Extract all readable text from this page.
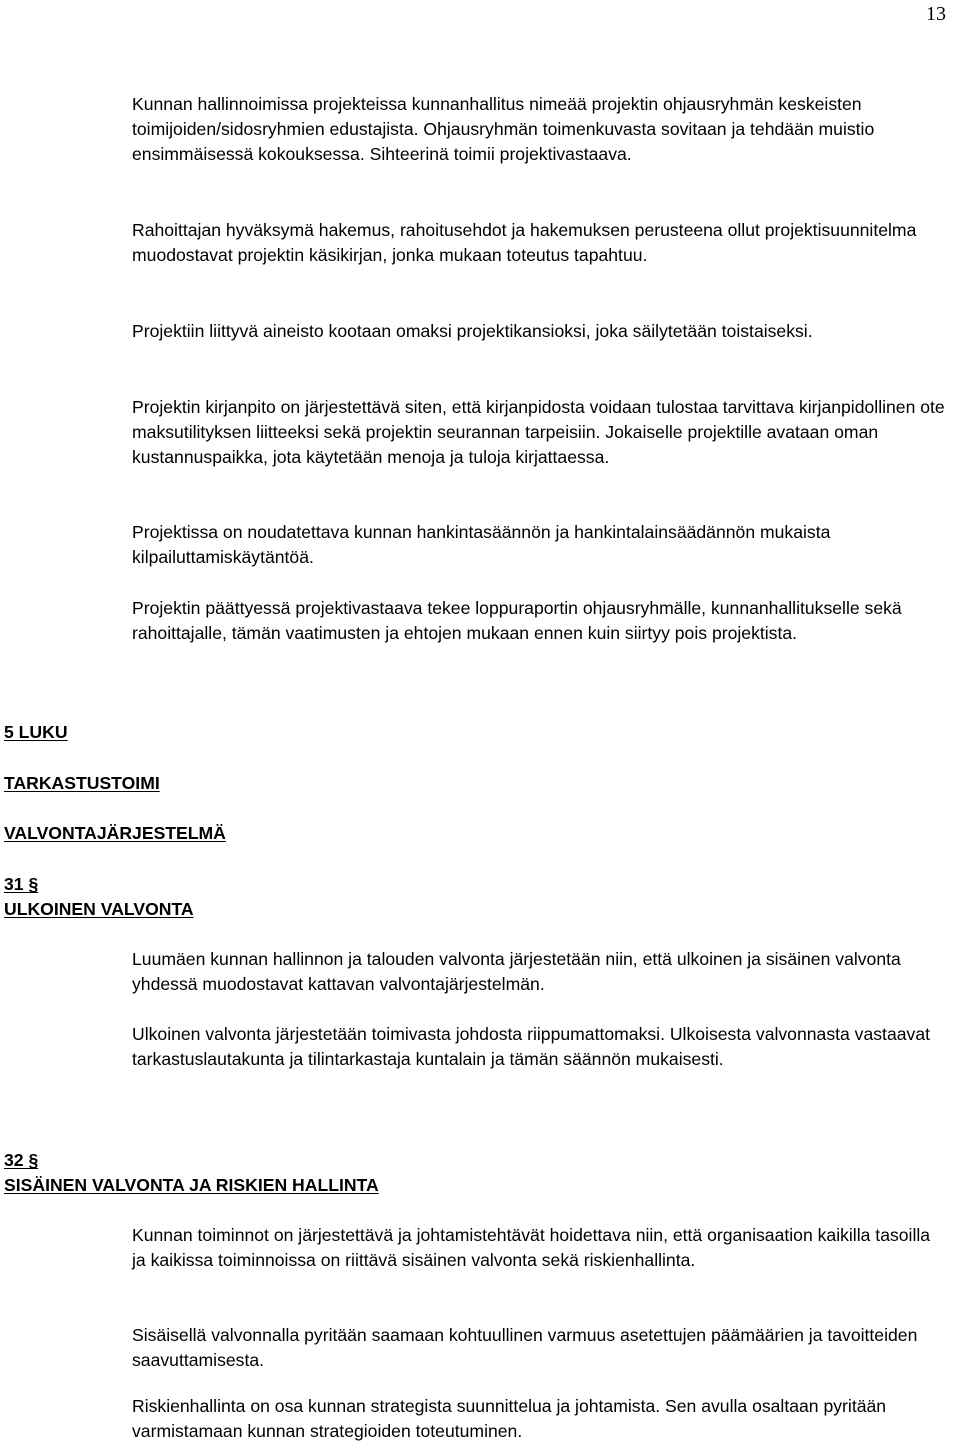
13

Kunnan hallinnoimissa projekteissa kunnanhallitus nimeää projektin ohjausryhmän keskeisten toimijoiden/sidosryhmien edustajista. Ohjausryhmän toimenkuvasta sovitaan ja tehdään muistio ensimmäisessä kokouksessa. Sihteerinä toimii projektivastaava.

Rahoittajan hyväksymä hakemus, rahoitusehdot ja hakemuksen perusteena ollut projektisuunnitelma muodostavat projektin käsikirjan, jonka mukaan toteutus tapahtuu.

Projektiin liittyvä aineisto kootaan omaksi projektikansioksi, joka säilytetään toistaiseksi.

Projektin kirjanpito on järjestettävä siten, että kirjanpidosta voidaan tulostaa tarvittava kirjanpidollinen ote maksutilityksen liitteeksi sekä projektin seurannan tarpeisiin. Jokaiselle projektille avataan oman kustannuspaikka, jota käytetään menoja ja tuloja kirjattaessa.

Projektissa on noudatettava kunnan hankintasäännön ja hankintalainsäädännön mukaista kilpailuttamiskäytäntöä.

Projektin päättyessä projektivastaava tekee loppuraportin ohjausryhmälle, kunnanhallitukselle sekä rahoittajalle, tämän vaatimusten ja ehtojen mukaan ennen kuin siirtyy pois projektista.

5 LUKU
TARKASTUSTOIMI
VALVONTAJÄRJESTELMÄ
31 §
ULKOINEN VALVONTA

Luumäen kunnan hallinnon ja talouden valvonta järjestetään niin, että ulkoinen ja sisäinen valvonta yhdessä muodostavat kattavan valvontajärjestelmän.

Ulkoinen valvonta järjestetään toimivasta johdosta riippumattomaksi. Ulkoisesta valvonnasta vastaavat tarkastuslautakunta ja tilintarkastaja kuntalain ja tämän säännön mukaisesti.

32 §
SISÄINEN VALVONTA JA RISKIEN HALLINTA

Kunnan toiminnot on järjestettävä ja johtamistehtävät hoidettava niin, että organisaation kaikilla tasoilla ja kaikissa toiminnoissa on riittävä sisäinen valvonta sekä riskienhallinta.

Sisäisellä valvonnalla pyritään saamaan kohtuullinen varmuus asetettujen päämäärien ja tavoitteiden saavuttamisesta.

Riskienhallinta on osa kunnan strategista suunnittelua ja johtamista. Sen avulla osaltaan pyritään varmistamaan kunnan strategioiden toteutuminen.
